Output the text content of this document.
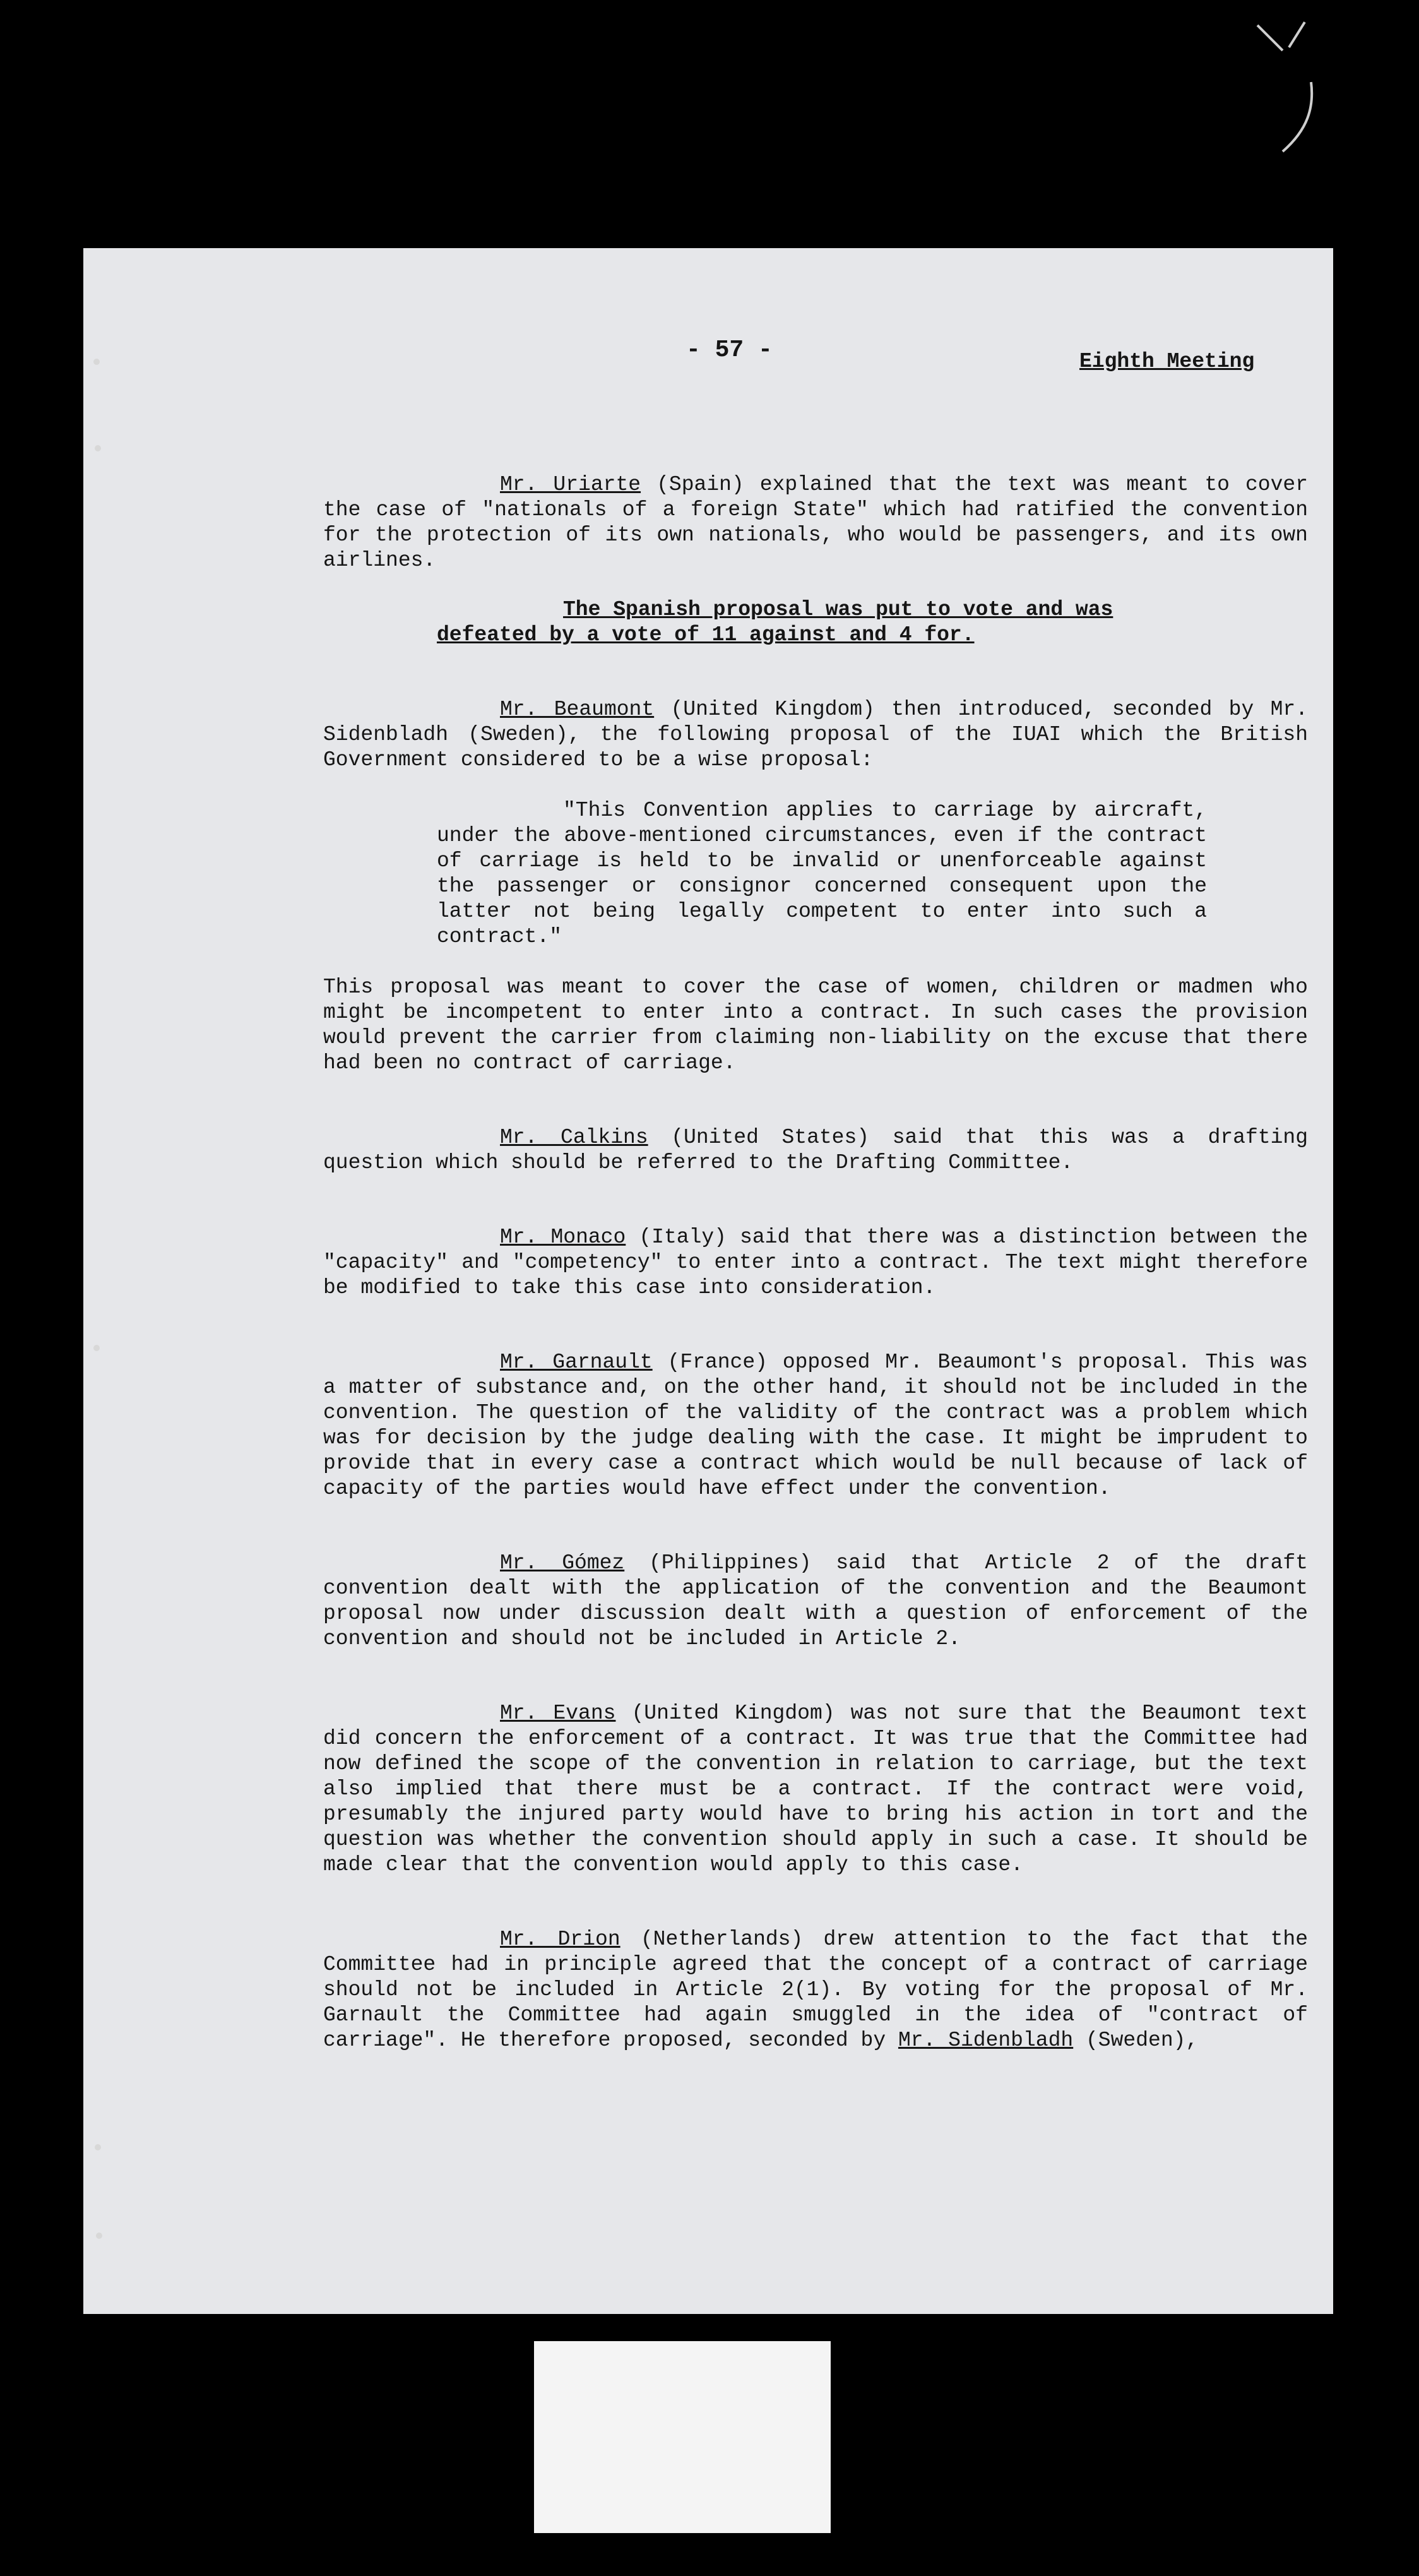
- 57 -	Eighth Meeting

Mr. Uriarte (Spain) explained that the text was meant to cover the case of "nationals of a foreign State" which had ratified the convention for the protection of its own nationals, who would be passengers, and its own airlines.

The Spanish proposal was put to vote and was defeated by a vote of 11 against and 4 for.

Mr. Beaumont (United Kingdom) then introduced, seconded by Mr. Sidenbladh (Sweden), the following proposal of the IUAI which the British Government considered to be a wise proposal:

"This Convention applies to carriage by aircraft, under the above-mentioned circumstances, even if the contract of carriage is held to be invalid or unenforceable against the passenger or consignor concerned consequent upon the latter not being legally competent to enter into such a contract."

This proposal was meant to cover the case of women, children or madmen who might be incompetent to enter into a contract. In such cases the provision would prevent the carrier from claiming non-liability on the excuse that there had been no contract of carriage.

Mr. Calkins (United States) said that this was a drafting question which should be referred to the Drafting Committee.

Mr. Monaco (Italy) said that there was a distinction between the "capacity" and "competency" to enter into a contract. The text might therefore be modified to take this case into consideration.

Mr. Garnault (France) opposed Mr. Beaumont's proposal. This was a matter of substance and, on the other hand, it should not be included in the convention. The question of the validity of the contract was a problem which was for decision by the judge dealing with the case. It might be imprudent to provide that in every case a contract which would be null because of lack of capacity of the parties would have effect under the convention.

Mr. Gómez (Philippines) said that Article 2 of the draft convention dealt with the application of the convention and the Beaumont proposal now under discussion dealt with a question of enforcement of the convention and should not be included in Article 2.

Mr. Evans (United Kingdom) was not sure that the Beaumont text did concern the enforcement of a contract. It was true that the Committee had now defined the scope of the convention in relation to carriage, but the text also implied that there must be a contract. If the contract were void, presumably the injured party would have to bring his action in tort and the question was whether the convention should apply in such a case. It should be made clear that the convention would apply to this case.

Mr. Drion (Netherlands) drew attention to the fact that the Committee had in principle agreed that the concept of a contract of carriage should not be included in Article 2(1). By voting for the proposal of Mr. Garnault the Committee had again smuggled in the idea of "contract of carriage". He therefore proposed, seconded by Mr. Sidenbladh (Sweden),
